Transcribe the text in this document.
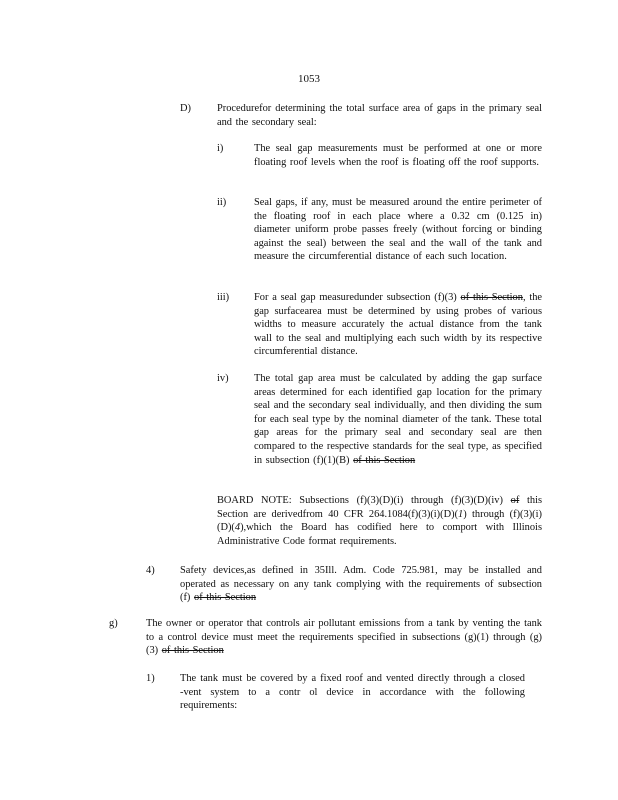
1053
D)	Procedurefor determining the total surface area of gaps in the primary seal and the secondary seal:
i)	The seal gap measurements must be performed at one or more floating roof levels when the roof is floating off the roof supports.
ii)	Seal gaps, if any, must be measured around the entire perimeter of the floating roof in each place where a 0.32 cm (0.125 in) diameter uniform probe passes freely (without forcing or binding against the seal) between the seal and the wall of the tank and measure the circumferential distance of each such location.
iii) For a seal gap measuredunder subsection (f)(3) of this Section, the gap surfacearea must be determined by using probes of various widths to measure accurately the actual distance from the tank wall to the seal and multiplying each such width by its respective circumferential distance.
iv) The total gap area must be calculated by adding the gap surface areas determined for each identified gap location for the primary seal and the secondary seal individually, and then dividing the sum for each seal type by the nominal diameter of the tank. These total gap areas for the primary seal and secondary seal are then compared to the respective standards for the seal type, as specified in subsection (f)(1)(B) of this Section
BOARD NOTE: Subsections (f)(3)(D)(i) through (f)(3)(D)(iv) of this Section are derivedfrom 40 CFR 264.1084(f)(3)(i)(D)(1) through (f)(3)(i)(D)(4),which the Board has codified here to comport with Illinois Administrative Code format requirements.
4) Safety devices,as defined in 35Ill. Adm. Code 725.981, may be installed and operated as necessary on any tank complying with the requirements of subsection (f) of this Section
g)	The owner or operator that controls air pollutant emissions from a tank by venting the tank to a control device must meet the requirements specified in subsections (g)(1) through (g)(3) of this Section
1) The tank must be covered by a fixed roof and vented directly through a closed -vent system to a contr ol device in accordance with the following requirements:
